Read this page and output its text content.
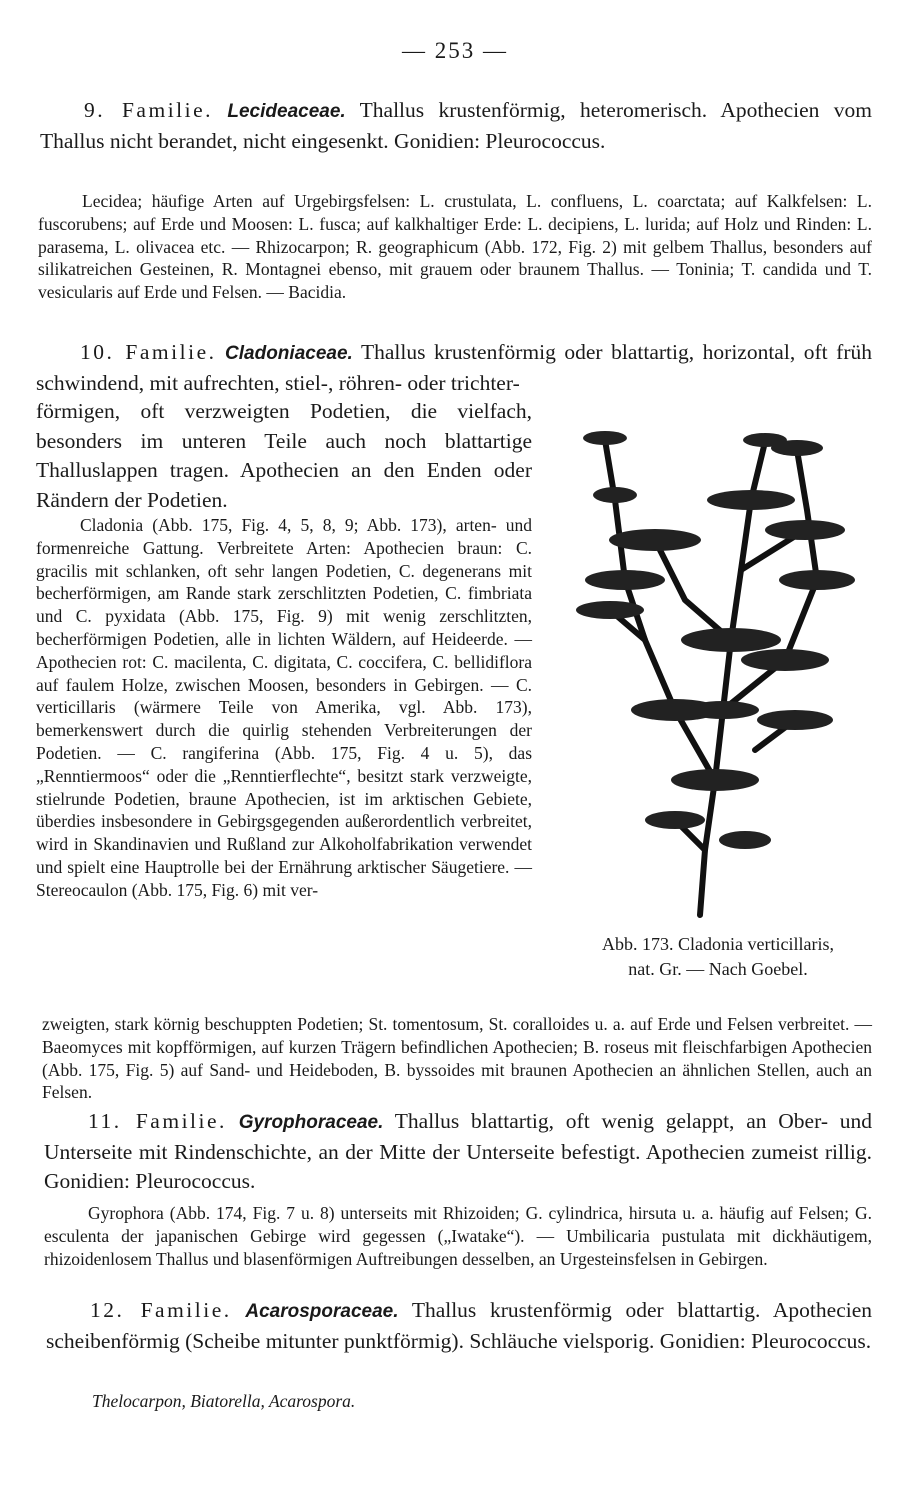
— 253 —

9. Familie. Lecideaceae. Thallus krustenförmig, heteromerisch. Apothecien vom Thallus nicht berandet, nicht eingesenkt. Gonidien: Pleurococcus.

Lecidea; häufige Arten auf Urgebirgsfelsen: L. crustulata, L. confluens, L. coarctata; auf Kalkfelsen: L. fuscorubens; auf Erde und Moosen: L. fusca; auf kalkhaltiger Erde: L. decipiens, L. lurida; auf Holz und Rinden: L. parasema, L. olivacea etc. — Rhizocarpon; R. geographicum (Abb. 172, Fig. 2) mit gelbem Thallus, besonders auf silikatreichen Gesteinen, R. Montagnei ebenso, mit grauem oder braunem Thallus. — Toninia; T. candida und T. vesicularis auf Erde und Felsen. — Bacidia.

10. Familie. Cladoniaceae. Thallus krustenförmig oder blattartig, horizontal, oft früh schwindend, mit aufrechten, stiel-, röhren- oder trichter-

förmigen, oft verzweigten Podetien, die vielfach, besonders im unteren Teile auch noch blattartige Thalluslappen tragen. Apothecien an den Enden oder Rändern der Podetien.

Cladonia (Abb. 175, Fig. 4, 5, 8, 9; Abb. 173), arten- und formenreiche Gattung. Verbreitete Arten: Apothecien braun: C. gracilis mit schlanken, oft sehr langen Podetien, C. degenerans mit becherförmigen, am Rande stark zerschlitzten Podetien, C. fimbriata und C. pyxidata (Abb. 175, Fig. 9) mit wenig zerschlitzten, becherförmigen Podetien, alle in lichten Wäldern, auf Heideerde. — Apothecien rot: C. macilenta, C. digitata, C. coccifera, C. bellidiflora auf faulem Holze, zwischen Moosen, besonders in Gebirgen. — C. verticillaris (wärmere Teile von Amerika, vgl. Abb. 173), bemerkenswert durch die quirlig stehenden Verbreiterungen der Podetien. — C. rangiferina (Abb. 175, Fig. 4 u. 5), das „Renntiermoos“ oder die „Renntierflechte“, besitzt stark verzweigte, stielrunde Podetien, braune Apothecien, ist im arktischen Gebiete, überdies insbesondere in Gebirgsgegenden außerordentlich verbreitet, wird in Skandinavien und Rußland zur Alkoholfabrikation verwendet und spielt eine Hauptrolle bei der Ernährung arktischer Säugetiere. — Stereocaulon (Abb. 175, Fig. 6) mit ver-

zweigten, stark körnig beschuppten Podetien; St. tomentosum, St. coralloides u. a. auf Erde und Felsen verbreitet. — Baeomyces mit kopfförmigen, auf kurzen Trägern befindlichen Apothecien; B. roseus mit fleischfarbigen Apothecien (Abb. 175, Fig. 5) auf Sand- und Heideboden, B. byssoides mit braunen Apothecien an ähnlichen Stellen, auch an Felsen.

Abb. 173. Cladonia verticillaris,
nat. Gr. — Nach Goebel.

11. Familie. Gyrophoraceae. Thallus blattartig, oft wenig gelappt, an Ober- und Unterseite mit Rindenschichte, an der Mitte der Unterseite befestigt. Apothecien zumeist rillig. Gonidien: Pleurococcus.

Gyrophora (Abb. 174, Fig. 7 u. 8) unterseits mit Rhizoiden; G. cylindrica, hirsuta u. a. häufig auf Felsen; G. esculenta der japanischen Gebirge wird gegessen („Iwatake“). — Umbilicaria pustulata mit dickhäutigem, rhizoidenlosem Thallus und blasenförmigen Auftreibungen desselben, an Urgesteinsfelsen in Gebirgen.

12. Familie. Acarosporaceae. Thallus krustenförmig oder blattartig. Apothecien scheibenförmig (Scheibe mitunter punktförmig). Schläuche vielsporig. Gonidien: Pleurococcus.

Thelocarpon, Biatorella, Acarospora.
